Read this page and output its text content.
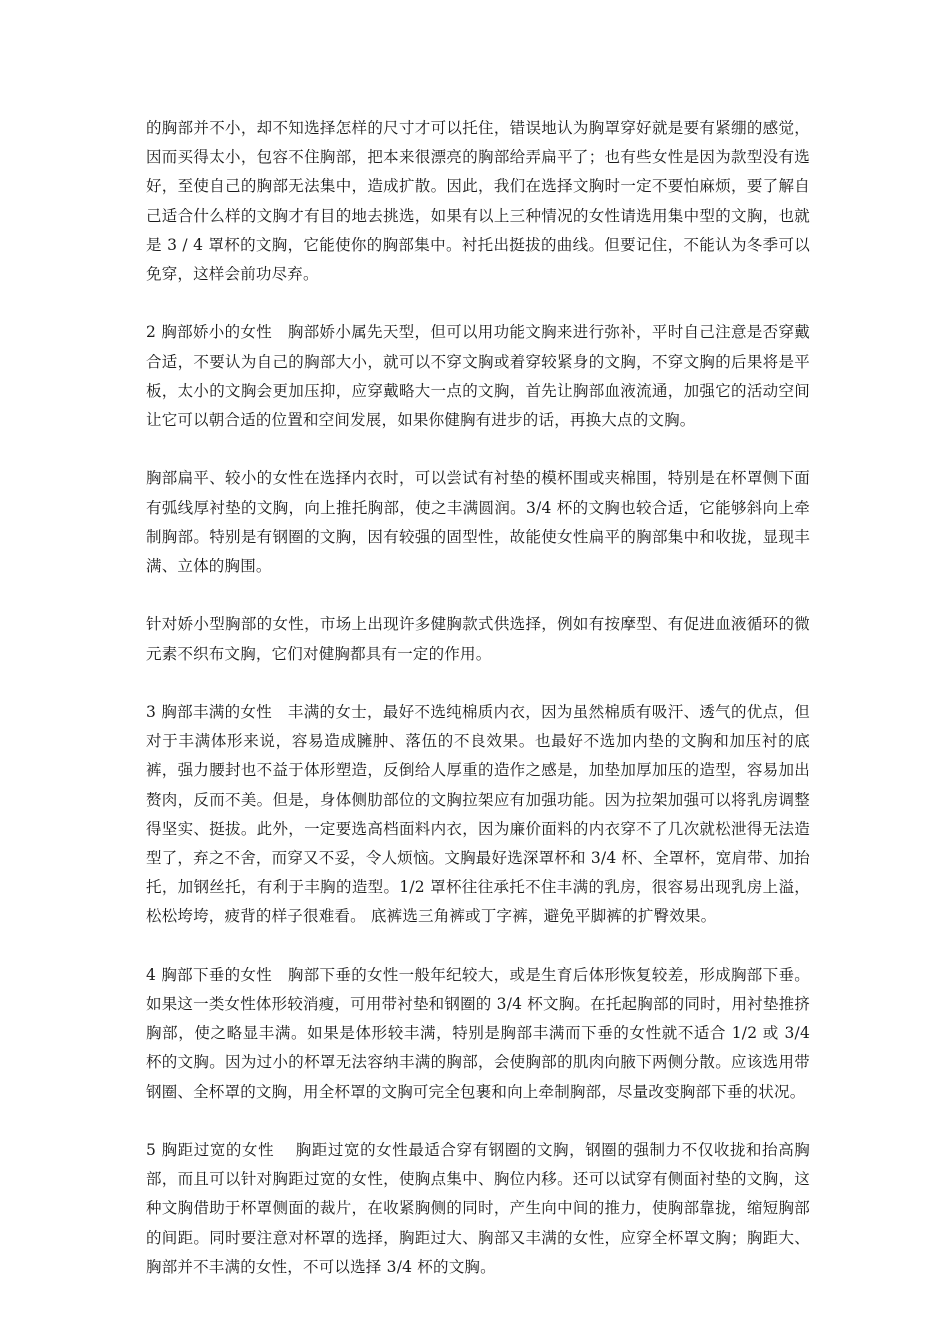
的胸部并不小，却不知选择怎样的尺寸才可以托住，错误地认为胸罩穿好就是要有紧绷的感觉，因而买得太小，包容不住胸部，把本来很漂亮的胸部给弄扁平了；也有些女性是因为款型没有选好，至使自己的胸部无法集中，造成扩散。因此，我们在选择文胸时一定不要怕麻烦，要了解自己适合什么样的文胸才有目的地去挑选，如果有以上三种情况的女性请选用集中型的文胸，也就是 3 / 4 罩杯的文胸，它能使你的胸部集中。衬托出挺拔的曲线。但要记住，不能认为冬季可以免穿，这样会前功尽弃。

2 胸部娇小的女性　胸部娇小属先天型，但可以用功能文胸来进行弥补，平时自己注意是否穿戴合适，不要认为自己的胸部大小，就可以不穿文胸或着穿较紧身的文胸，不穿文胸的后果将是平板，太小的文胸会更加压抑，应穿戴略大一点的文胸，首先让胸部血液流通，加强它的活动空间让它可以朝合适的位置和空间发展，如果你健胸有进步的话，再换大点的文胸。

胸部扁平、较小的女性在选择内衣时，可以尝试有衬垫的模杯围或夹棉围，特别是在杯罩侧下面有弧线厚衬垫的文胸，向上推托胸部，使之丰满圆润。3/4 杯的文胸也较合适，它能够斜向上牵制胸部。特别是有钢圈的文胸，因有较强的固型性，故能使女性扁平的胸部集中和收拢，显现丰满、立体的胸围。

针对娇小型胸部的女性，市场上出现许多健胸款式供选择，例如有按摩型、有促进血液循环的微元素不织布文胸，它们对健胸都具有一定的作用。

3 胸部丰满的女性　丰满的女士，最好不选纯棉质内衣，因为虽然棉质有吸汗、透气的优点，但对于丰满体形来说，容易造成臃肿、落伍的不良效果。也最好不选加内垫的文胸和加压衬的底裤，强力腰封也不益于体形塑造，反倒给人厚重的造作之感是，加垫加厚加压的造型，容易加出赘肉，反而不美。但是，身体侧肋部位的文胸拉架应有加强功能。因为拉架加强可以将乳房调整得坚实、挺拔。此外，一定要选高档面料内衣，因为廉价面料的内衣穿不了几次就松泄得无法造型了，弃之不舍，而穿又不妥，令人烦恼。文胸最好选深罩杯和 3/4 杯、全罩杯，宽肩带、加抬托，加钢丝托，有利于丰胸的造型。1/2 罩杯往往承托不住丰满的乳房，很容易出现乳房上溢，松松垮垮，疲背的样子很难看。 底裤选三角裤或丁字裤，避免平脚裤的扩臀效果。

4 胸部下垂的女性　胸部下垂的女性一般年纪较大，或是生育后体形恢复较差，形成胸部下垂。如果这一类女性体形较消瘦，可用带衬垫和钢圈的 3/4 杯文胸。在托起胸部的同时，用衬垫推挤胸部，使之略显丰满。如果是体形较丰满，特别是胸部丰满而下垂的女性就不适合 1/2 或 3/4 杯的文胸。因为过小的杯罩无法容纳丰满的胸部，会使胸部的肌肉向腋下两侧分散。应该选用带钢圈、全杯罩的文胸，用全杯罩的文胸可完全包裹和向上牵制胸部，尽量改变胸部下垂的状况。

5 胸距过宽的女性　 胸距过宽的女性最适合穿有钢圈的文胸，钢圈的强制力不仅收拢和抬高胸部，而且可以针对胸距过宽的女性，使胸点集中、胸位内移。还可以试穿有侧面衬垫的文胸，这种文胸借助于杯罩侧面的裁片，在收紧胸侧的同时，产生向中间的推力，使胸部靠拢，缩短胸部的间距。同时要注意对杯罩的选择，胸距过大、胸部又丰满的女性，应穿全杯罩文胸；胸距大、胸部并不丰满的女性，不可以选择 3/4 杯的文胸。
